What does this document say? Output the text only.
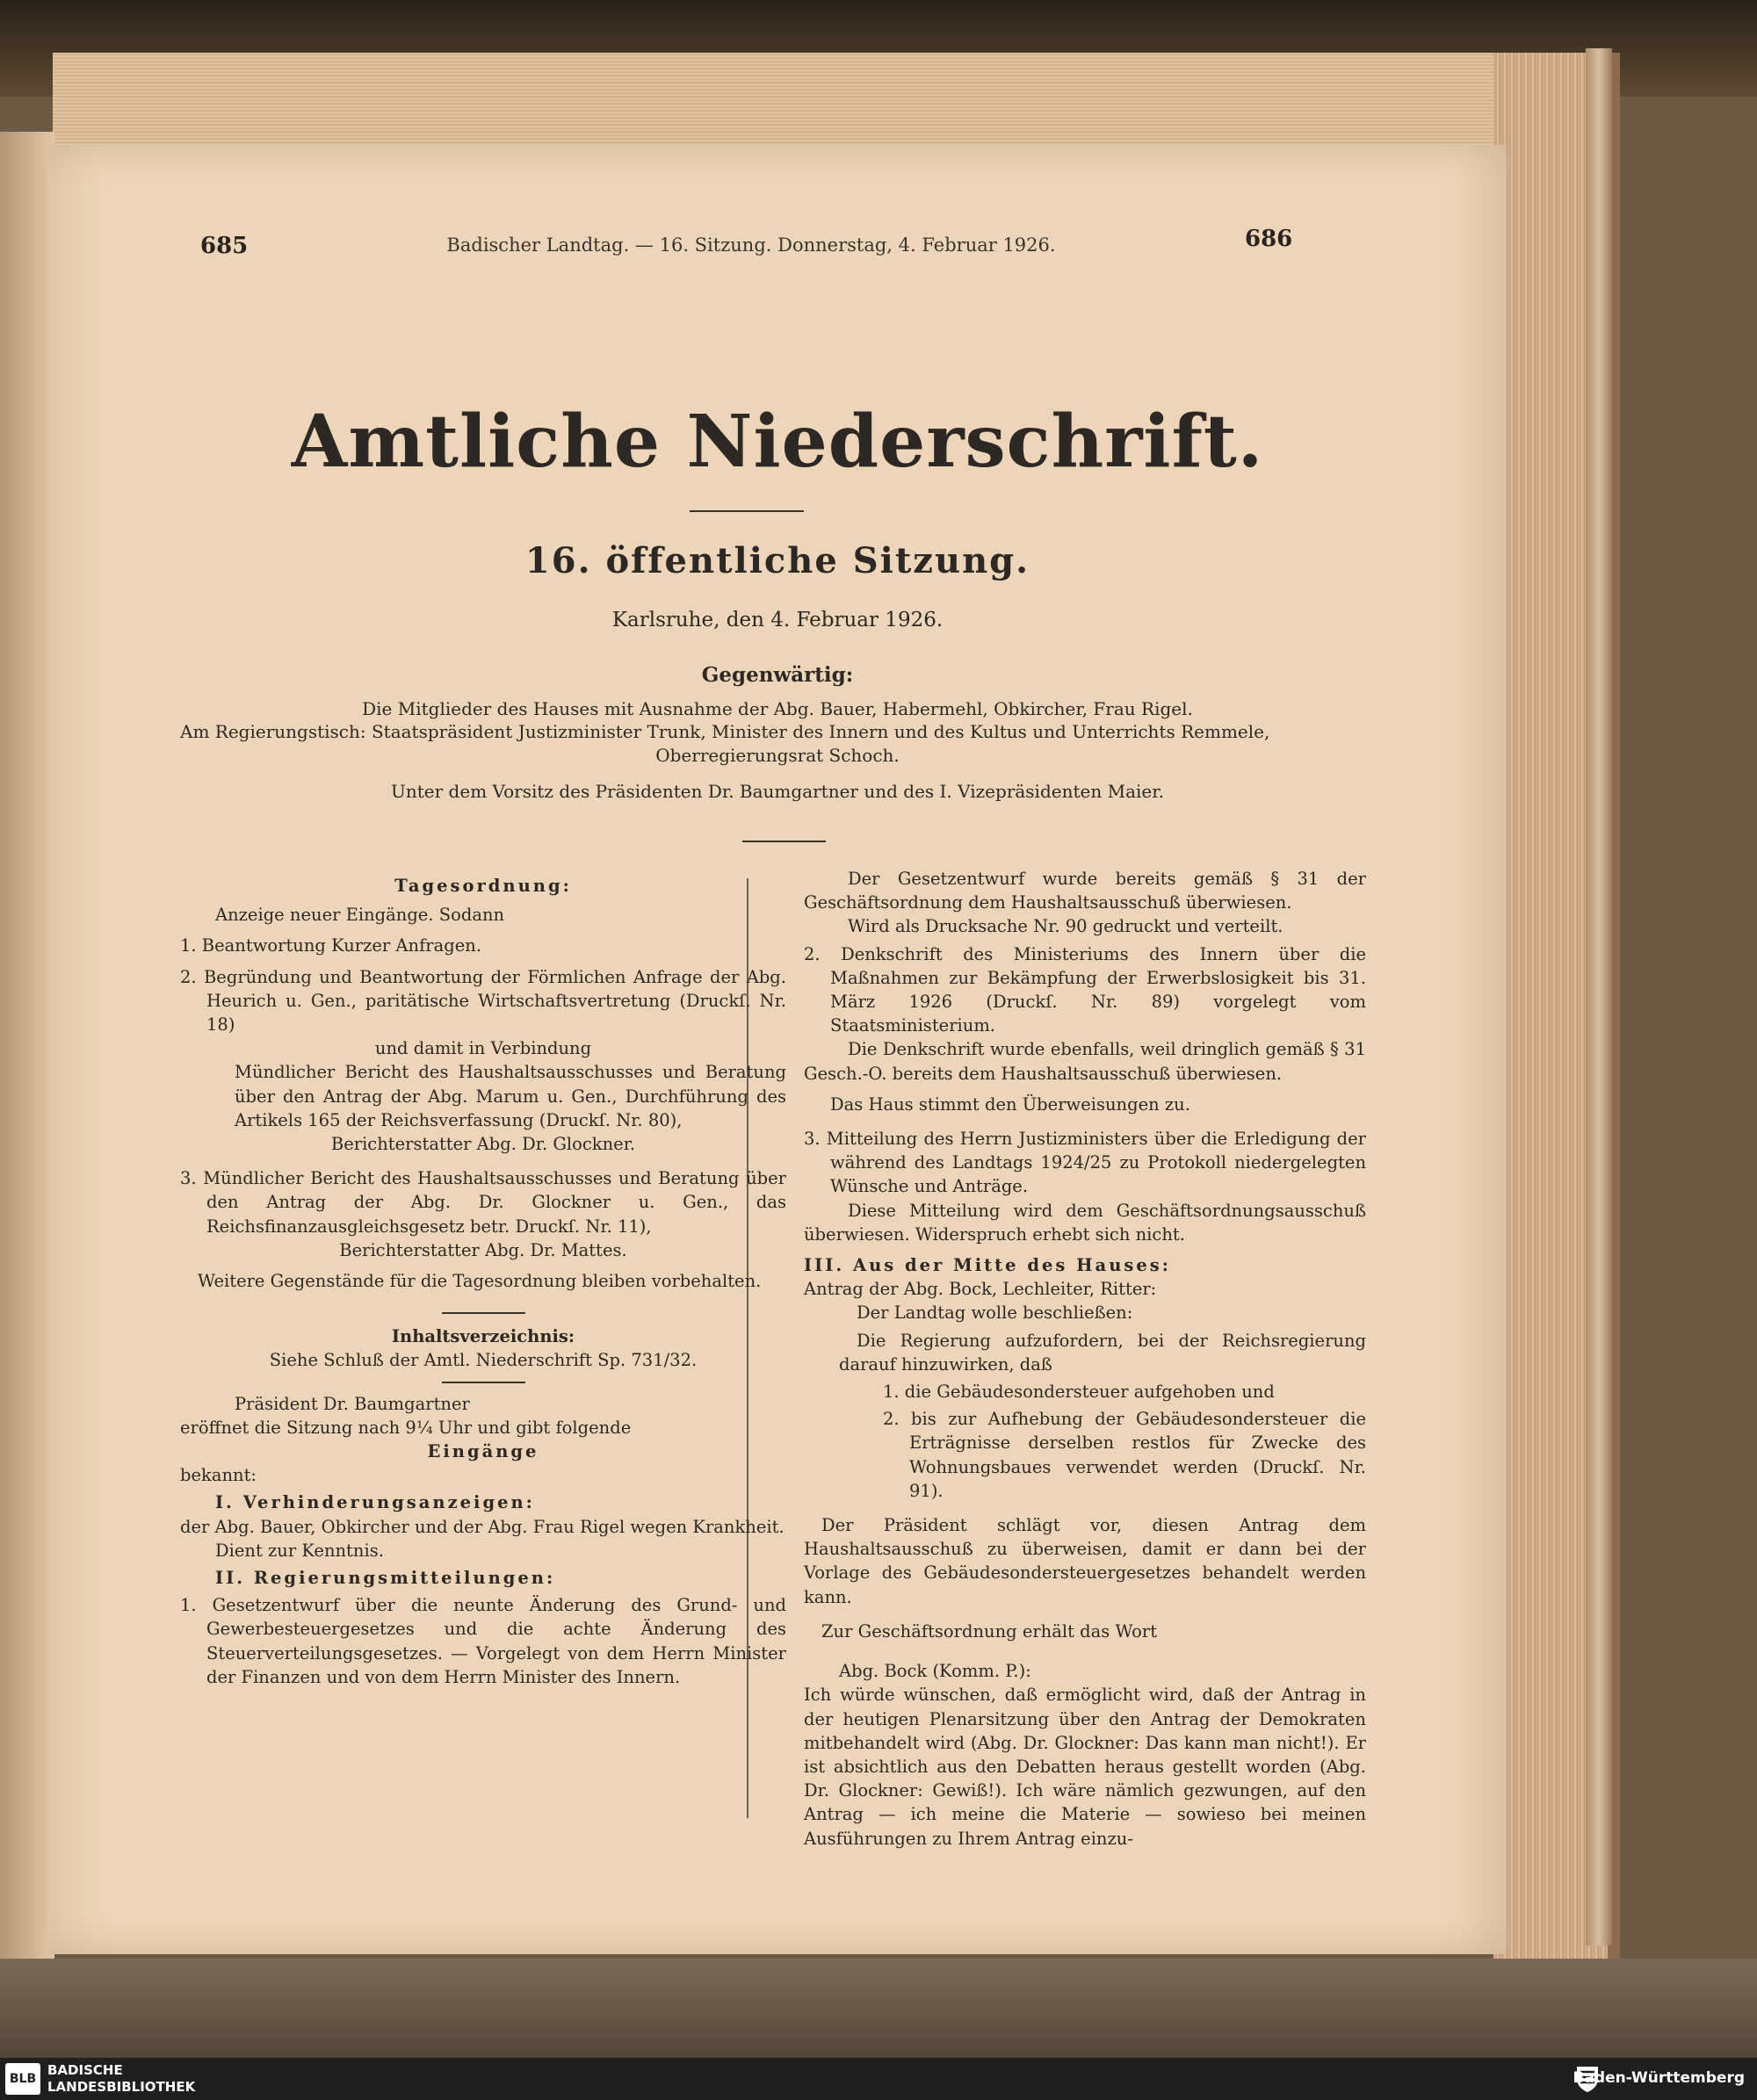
685	Badischer Landtag. — 16. Sitzung. Donnerstag, 4. Februar 1926.	686
Amtliche Niederschrift.
16. öffentliche Sitzung.
Karlsruhe, den 4. Februar 1926.
Gegenwärtig:
Die Mitglieder des Hauses mit Ausnahme der Abg. Bauer, Habermehl, Obkircher, Frau Rigel.
Am Regierungstisch: Staatspräsident Justizminister Trunk, Minister des Innern und des Kultus und Unterrichts Remmele,
Oberregierungsrat Schoch.
Unter dem Vorsitz des Präsidenten Dr. Baumgartner und des I. Vizepräsidenten Maier.

Tagesordnung:

Anzeige neuer Eingänge. Sodann

1. Beantwortung Kurzer Anfragen.

2. Begründung und Beantwortung der Förmlichen Anfrage der Abg. Heurich u. Gen., paritätische Wirtschaftsvertretung (Druckſ. Nr. 18)

und damit in Verbindung

Mündlicher Bericht des Haushaltsausschusses und Beratung über den Antrag der Abg. Marum u. Gen., Durchführung des Artikels 165 der Reichsverfassung (Druckſ. Nr. 80),

Berichterstatter Abg. Dr. Glockner.

3. Mündlicher Bericht des Haushaltsausschusses und Beratung über den Antrag der Abg. Dr. Glockner u. Gen., das Reichsfinanzausgleichsgesetz betr. Druckſ. Nr. 11),

Berichterstatter Abg. Dr. Mattes.

Weitere Gegenstände für die Tagesordnung bleiben vorbehalten.

Inhaltsverzeichnis:

Siehe Schluß der Amtl. Niederschrift Sp. 731/32.

Präsident Dr. Baumgartner

eröffnet die Sitzung nach 9¼ Uhr und gibt folgende

Eingänge

bekannt:

I. Verhinderungsanzeigen:

der Abg. Bauer, Obkircher und der Abg. Frau Rigel wegen Krankheit.

Dient zur Kenntnis.

II. Regierungsmitteilungen:

1. Gesetzentwurf über die neunte Änderung des Grund- und Gewerbesteuergesetzes und die achte Änderung des Steuerverteilungsgesetzes. — Vorgelegt von dem Herrn Minister der Finanzen und von dem Herrn Minister des Innern.

Der Gesetzentwurf wurde bereits gemäß § 31 der Geschäftsordnung dem Haushaltsausschuß überwiesen.

Wird als Drucksache Nr. 90 gedruckt und verteilt.

2. Denkschrift des Ministeriums des Innern über die Maßnahmen zur Bekämpfung der Erwerbslosigkeit bis 31. März 1926 (Druckſ. Nr. 89) vorgelegt vom Staatsministerium.

Die Denkschrift wurde ebenfalls, weil dringlich gemäß § 31 Gesch.-O. bereits dem Haushaltsausschuß überwiesen.

Das Haus stimmt den Überweisungen zu.

3. Mitteilung des Herrn Justizministers über die Erledigung der während des Landtags 1924/25 zu Protokoll niedergelegten Wünsche und Anträge.

Diese Mitteilung wird dem Geschäftsordnungsausschuß überwiesen. Widerspruch erhebt sich nicht.

III. Aus der Mitte des Hauses:

Antrag der Abg. Bock, Lechleiter, Ritter:

Der Landtag wolle beschließen:

Die Regierung aufzufordern, bei der Reichsregierung darauf hinzuwirken, daß

1. die Gebäudesondersteuer aufgehoben und

2. bis zur Aufhebung der Gebäudesondersteuer die Erträgnisse derselben restlos für Zwecke des Wohnungsbaues verwendet werden (Druckſ. Nr. 91).

Der Präsident schlägt vor, diesen Antrag dem Haushaltsausschuß zu überweisen, damit er dann bei der Vorlage des Gebäudesondersteuergesetzes behandelt werden kann.

Zur Geschäftsordnung erhält das Wort

Abg. Bock (Komm. P.):

Ich würde wünschen, daß ermöglicht wird, daß der Antrag in der heutigen Plenarsitzung über den Antrag der Demokraten mitbehandelt wird (Abg. Dr. Glockner: Das kann man nicht!). Er ist absichtlich aus den Debatten heraus gestellt worden (Abg. Dr. Glockner: Gewiß!). Ich wäre nämlich gezwungen, auf den Antrag — ich meine die Materie — sowieso bei meinen Ausführungen zu Ihrem Antrag einzu-

BLB
BADISCHE
LANDESBIBLIOTHEK	Baden-Württemberg
